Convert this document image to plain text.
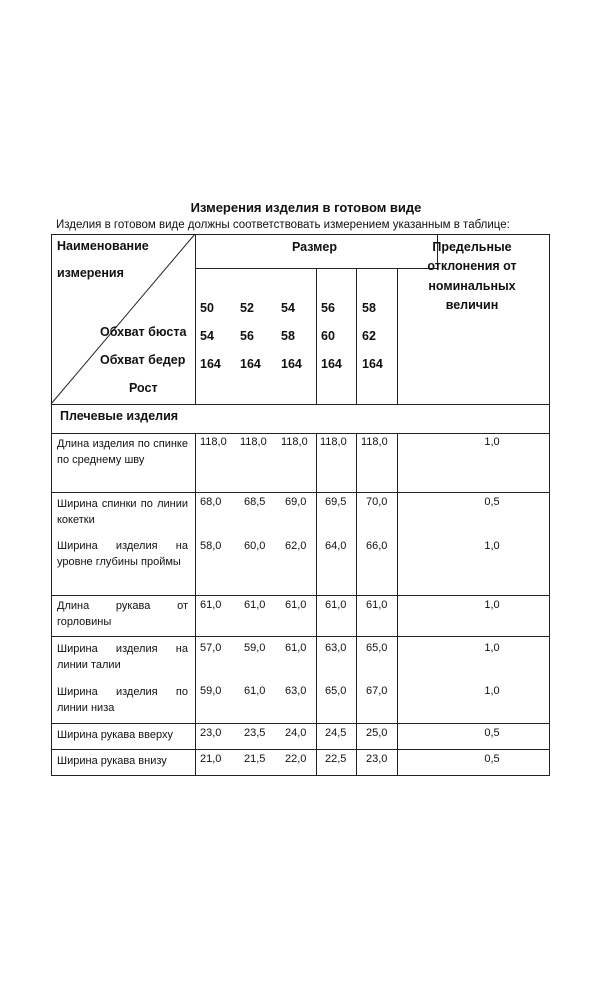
Измерения изделия в готовом виде
Изделия в готовом виде должны соответствовать измерением указанным в таблице:
Наименование
измерения
Размер	Предельные
отклонения от
номинальных
величин
Обхват бюста
Обхват бедер
Рост
50 52 54 56 58
54 56 58 60 62
164 164 164 164 164
Плечевые изделия
Длина изделия по спинке по среднему шву
118,0 118,0 118,0 118,0 118,0	1,0
Ширина спинки по линии кокетки
68,0 68,5 69,0 69,5 70,0	0,5
Ширина изделия на уровне глубины проймы
58,0 60,0 62,0 64,0 66,0	1,0
Длина рукава от горловины
61,0 61,0 61,0 61,0 61,0	1,0
Ширина изделия на линии талии
57,0 59,0 61,0 63,0 65,0	1,0
Ширина изделия по линии низа
59,0 61,0 63,0 65,0 67,0	1,0
Ширина рукава вверху	23,0 23,5 24,0 24,5 25,0	0,5
Ширина рукава внизу	21,0 21,5 22,0 22,5 23,0	0,5
